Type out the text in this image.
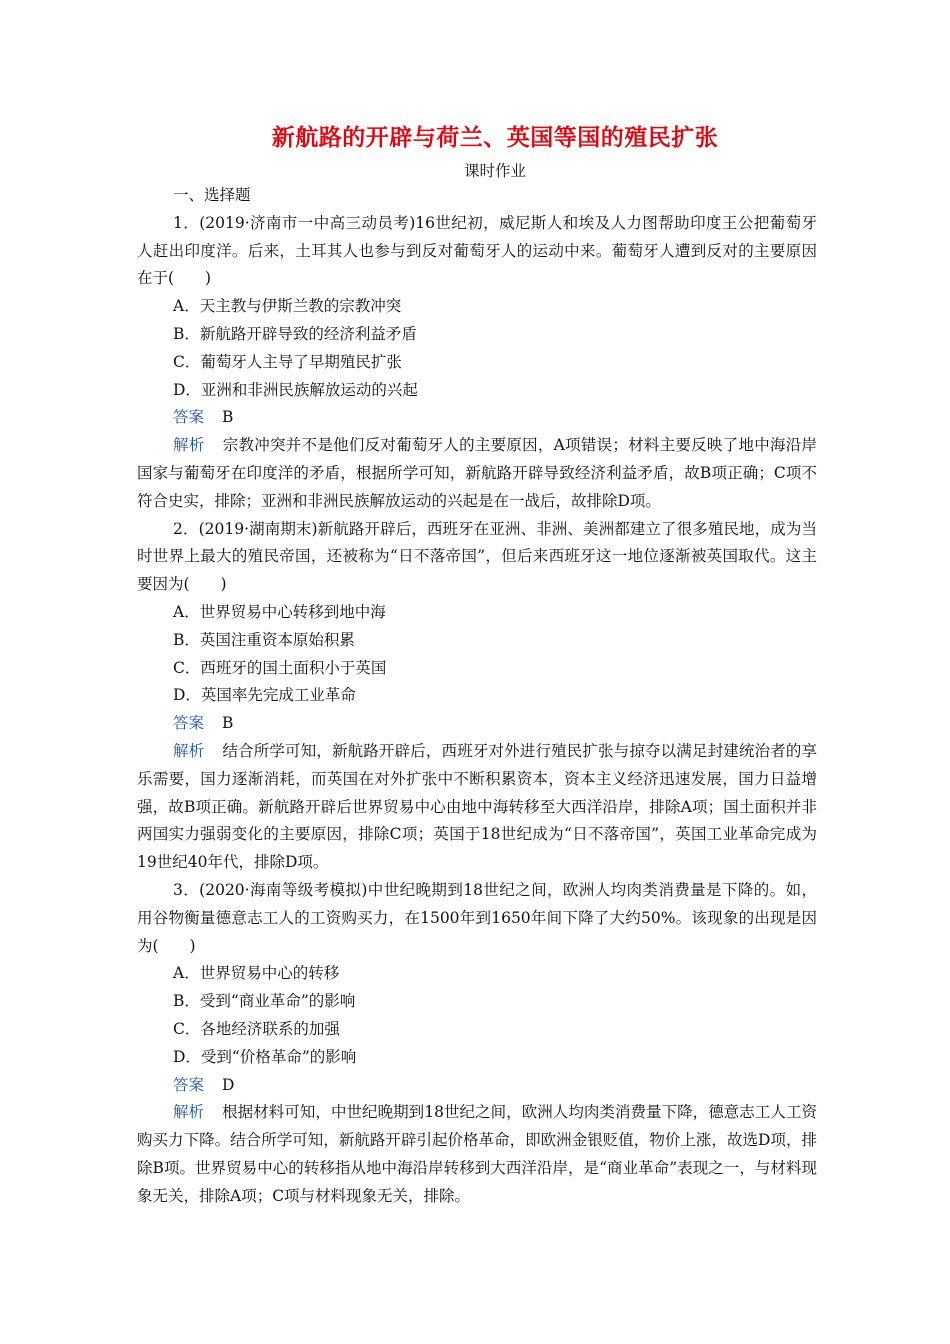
新航路的开辟与荷兰、英国等国的殖民扩张
课时作业

一、选择题

1．(2019·济南市一中高三动员考)16世纪初，威尼斯人和埃及人力图帮助印度王公把葡萄牙人赶出印度洋。后来，土耳其人也参与到反对葡萄牙人的运动中来。葡萄牙人遭到反对的主要原因在于(　　)

A．天主教与伊斯兰教的宗教冲突

B．新航路开辟导致的经济利益矛盾

C．葡萄牙人主导了早期殖民扩张

D．亚洲和非洲民族解放运动的兴起

答案 B

解析 宗教冲突并不是他们反对葡萄牙人的主要原因，A项错误；材料主要反映了地中海沿岸国家与葡萄牙在印度洋的矛盾，根据所学可知，新航路开辟导致经济利益矛盾，故B项正确；C项不符合史实，排除；亚洲和非洲民族解放运动的兴起是在一战后，故排除D项。

2．(2019·湖南期末)新航路开辟后，西班牙在亚洲、非洲、美洲都建立了很多殖民地，成为当时世界上最大的殖民帝国，还被称为“日不落帝国”，但后来西班牙这一地位逐渐被英国取代。这主要因为(　　)

A．世界贸易中心转移到地中海

B．英国注重资本原始积累

C．西班牙的国土面积小于英国

D．英国率先完成工业革命

答案 B

解析 结合所学可知，新航路开辟后，西班牙对外进行殖民扩张与掠夺以满足封建统治者的享乐需要，国力逐渐消耗，而英国在对外扩张中不断积累资本，资本主义经济迅速发展，国力日益增强，故B项正确。新航路开辟后世界贸易中心由地中海转移至大西洋沿岸，排除A项；国土面积并非两国实力强弱变化的主要原因，排除C项；英国于18世纪成为“日不落帝国”，英国工业革命完成为19世纪40年代，排除D项。

3．(2020·海南等级考模拟)中世纪晚期到18世纪之间，欧洲人均肉类消费量是下降的。如，用谷物衡量德意志工人的工资购买力，在1500年到1650年间下降了大约50%。该现象的出现是因为(　　)

A．世界贸易中心的转移

B．受到“商业革命”的影响

C．各地经济联系的加强

D．受到“价格革命”的影响

答案 D

解析 根据材料可知，中世纪晚期到18世纪之间，欧洲人均肉类消费量下降，德意志工人工资购买力下降。结合所学可知，新航路开辟引起价格革命，即欧洲金银贬值，物价上涨，故选D项，排除B项。世界贸易中心的转移指从地中海沿岸转移到大西洋沿岸，是“商业革命”表现之一，与材料现象无关，排除A项；C项与材料现象无关，排除。
